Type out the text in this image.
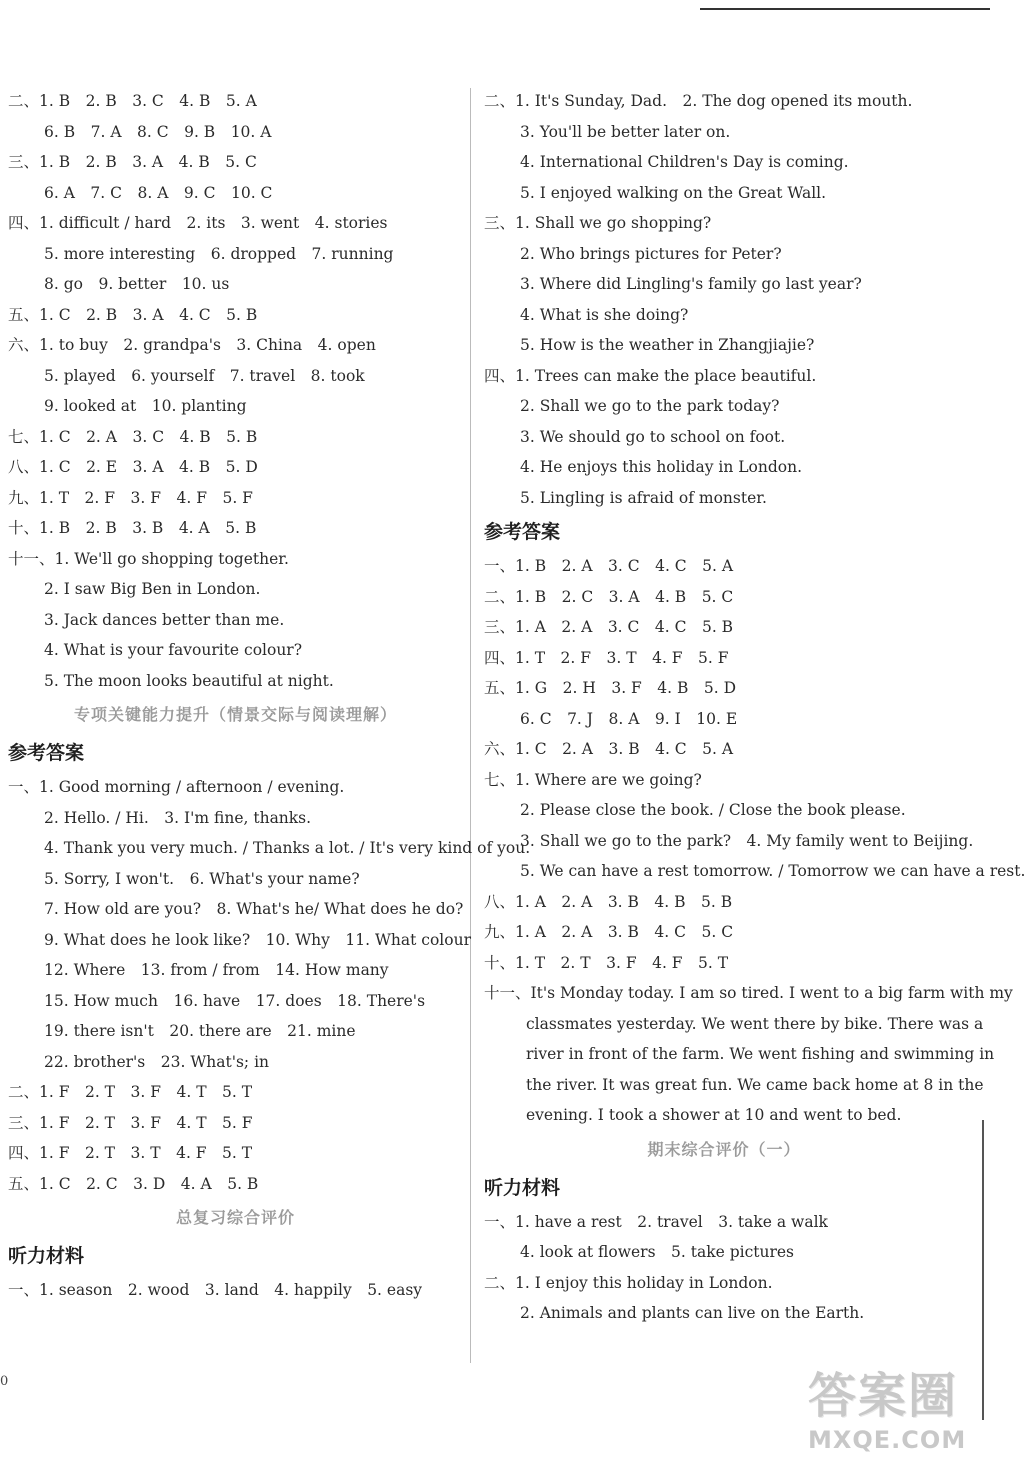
二、1. B　2. B　3. C　4. B　5. A
6. B　7. A　8. C　9. B　10. A
三、1. B　2. B　3. A　4. B　5. C
6. A　7. C　8. A　9. C　10. C
四、1. difficult / hard　2. its　3. went　4. stories
5. more interesting　6. dropped　7. running
8. go　9. better　10. us
五、1. C　2. B　3. A　4. C　5. B
六、1. to buy　2. grandpa's　3. China　4. open
5. played　6. yourself　7. travel　8. took
9. looked at　10. planting
七、1. C　2. A　3. C　4. B　5. B
八、1. C　2. E　3. A　4. B　5. D
九、1. T　2. F　3. F　4. F　5. F
十、1. B　2. B　3. B　4. A　5. B
十一、1. We'll go shopping together.
2. I saw Big Ben in London.
3. Jack dances better than me.
4. What is your favourite colour?
5. The moon looks beautiful at night.
专项关键能力提升（情景交际与阅读理解）
参考答案
一、1. Good morning / afternoon / evening.
2. Hello. / Hi.　3. I'm fine, thanks.
4. Thank you very much. / Thanks a lot. / It's very kind of you.
5. Sorry, I won't.　6. What's your name?
7. How old are you?　8. What's he/ What does he do?
9. What does he look like?　10. Why　11. What colour
12. Where　13. from / from　14. How many
15. How much　16. have　17. does　18. There's
19. there isn't　20. there are　21. mine
22. brother's　23. What's; in
二、1. F　2. T　3. F　4. T　5. T
三、1. F　2. T　3. F　4. T　5. F
四、1. F　2. T　3. T　4. F　5. T
五、1. C　2. C　3. D　4. A　5. B
总复习综合评价
听力材料
一、1. season　2. wood　3. land　4. happily　5. easy
二、1. It's Sunday, Dad.　2. The dog opened its mouth.
3. You'll be better later on.
4. International Children's Day is coming.
5. I enjoyed walking on the Great Wall.
三、1. Shall we go shopping?
2. Who brings pictures for Peter?
3. Where did Lingling's family go last year?
4. What is she doing?
5. How is the weather in Zhangjiajie?
四、1. Trees can make the place beautiful.
2. Shall we go to the park today?
3. We should go to school on foot.
4. He enjoys this holiday in London.
5. Lingling is afraid of monster.
参考答案
一、1. B　2. A　3. C　4. C　5. A
二、1. B　2. C　3. A　4. B　5. C
三、1. A　2. A　3. C　4. C　5. B
四、1. T　2. F　3. T　4. F　5. F
五、1. G　2. H　3. F　4. B　5. D
6. C　7. J　8. A　9. I　10. E
六、1. C　2. A　3. B　4. C　5. A
七、1. Where are we going?
2. Please close the book. / Close the book please.
3. Shall we go to the park?　4. My family went to Beijing.
5. We can have a rest tomorrow. / Tomorrow we can have a rest.
八、1. A　2. A　3. B　4. B　5. B
九、1. A　2. A　3. B　4. C　5. C
十、1. T　2. T　3. F　4. F　5. T
十一、It's Monday today. I am so tired. I went to a big farm with my
classmates yesterday. We went there by bike. There was a
river in front of the farm. We went fishing and swimming in
the river. It was great fun. We came back home at 8 in the
evening. I took a shower at 10 and went to bed.
期末综合评价（一）
听力材料
一、1. have a rest　2. travel　3. take a walk
4. look at flowers　5. take pictures
二、1. I enjoy this holiday in London.
2. Animals and plants can live on the Earth.
0	答案圈
MXQE.COM
